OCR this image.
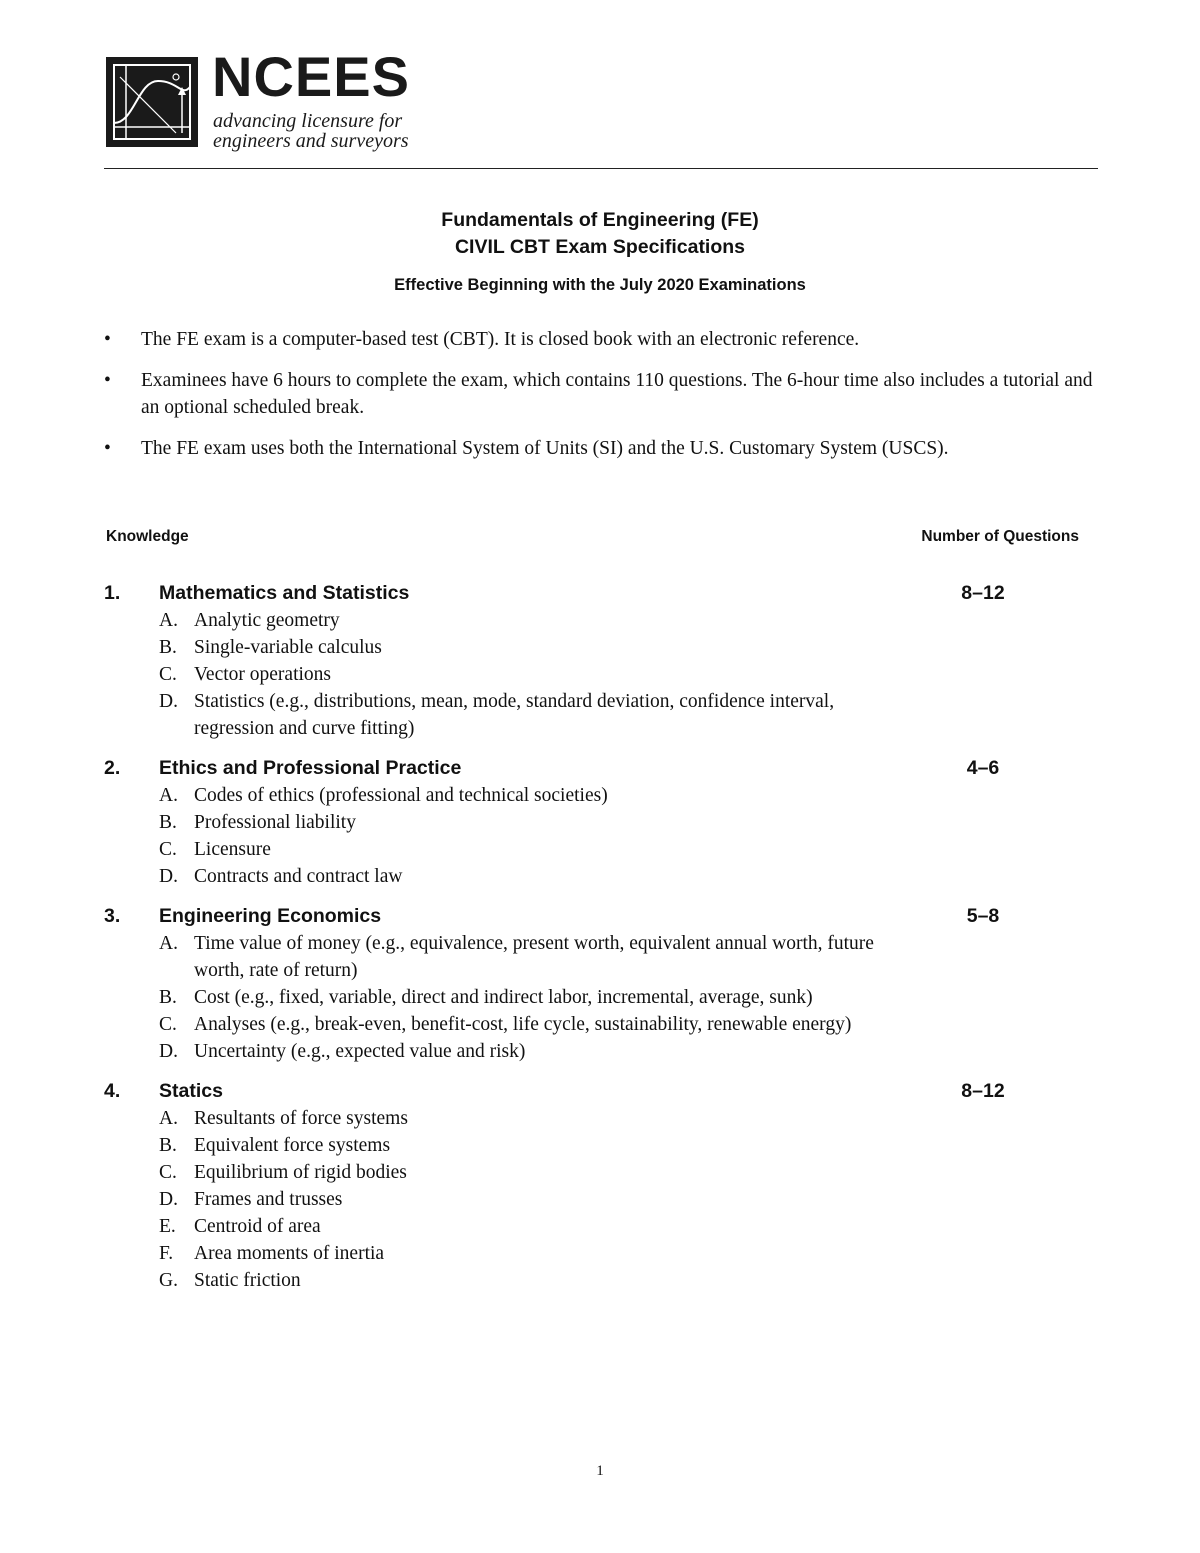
NCEES
advancing licensure for
engineers and surveyors
Fundamentals of Engineering (FE)
CIVIL CBT Exam Specifications
Effective Beginning with the July 2020 Examinations
• The FE exam is a computer-based test (CBT). It is closed book with an electronic reference.
• Examinees have 6 hours to complete the exam, which contains 110 questions. The 6-hour time also includes a tutorial and an optional scheduled break.
• The FE exam uses both the International System of Units (SI) and the U.S. Customary System (USCS).
Knowledge	Number of Questions
1. Mathematics and Statistics	8–12
A. Analytic geometry
B. Single-variable calculus
C. Vector operations
D. Statistics (e.g., distributions, mean, mode, standard deviation, confidence interval, regression and curve fitting)
2. Ethics and Professional Practice	4–6
A. Codes of ethics (professional and technical societies)
B. Professional liability
C. Licensure
D. Contracts and contract law
3. Engineering Economics	5–8
A. Time value of money (e.g., equivalence, present worth, equivalent annual worth, future worth, rate of return)
B. Cost (e.g., fixed, variable, direct and indirect labor, incremental, average, sunk)
C. Analyses (e.g., break-even, benefit-cost, life cycle, sustainability, renewable energy)
D. Uncertainty (e.g., expected value and risk)
4. Statics	8–12
A. Resultants of force systems
B. Equivalent force systems
C. Equilibrium of rigid bodies
D. Frames and trusses
E. Centroid of area
F. Area moments of inertia
G. Static friction
1
